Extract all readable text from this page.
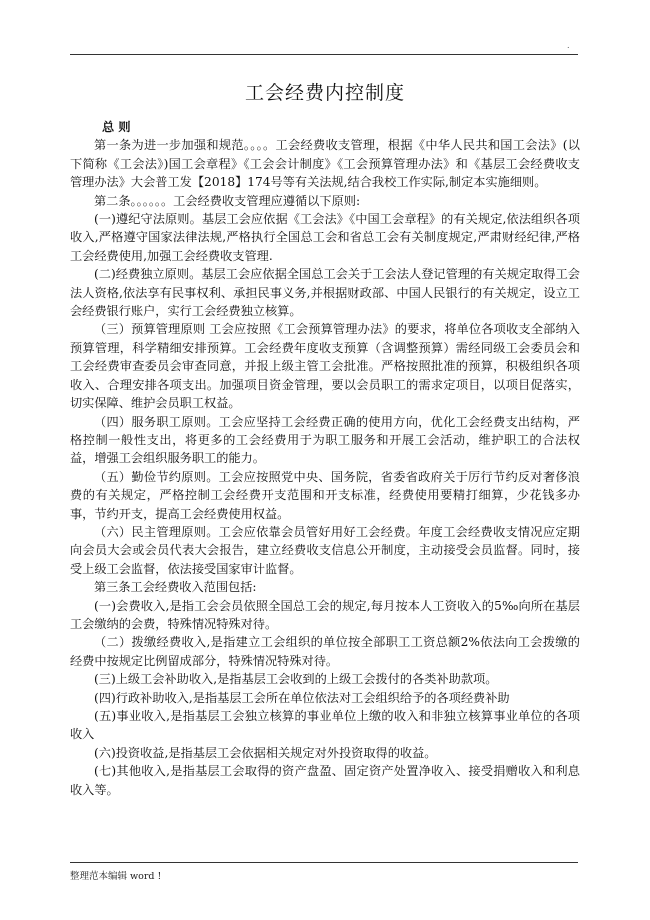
.
工会经费内控制度

总 则

第一条为进一步加强和规范。。。。工会经费收支管理，根据《中华人民共和国工会法》(以下简称《工会法》)国工会章程》《工会会计制度》《工会预算管理办法》和《基层工会经费收支管理办法》大会普工发【2018】174号等有关法规,结合我校工作实际,制定本实施细则。

第二条。。。。。。工会经费收支管理应遵循以下原则:

(一)遵纪守法原则。基层工会应依据《工会法》《中国工会章程》的有关规定,依法组织各项收入,严格遵守国家法律法规,严格执行全国总工会和省总工会有关制度规定,严肃财经纪律,严格工会经费使用,加强工会经费收支管理.

(二)经费独立原则。基层工会应依据全国总工会关于工会法人登记管理的有关规定取得工会法人资格,依法享有民事权利、承担民事义务,并根据财政部、中国人民银行的有关规定，设立工会经费银行账户，实行工会经费独立核算。

（三）预算管理原则 工会应按照《工会预算管理办法》的要求，将单位各项收支全部纳入预算管理，科学精细安排预算。工会经费年度收支预算（含调整预算）需经同级工会委员会和工会经费审查委员会审查同意，并报上级主管工会批准。严格按照批准的预算，积极组织各项收入、合理安排各项支出。加强项目资金管理，要以会员职工的需求定项目，以项目促落实，切实保障、维护会员职工权益。

（四）服务职工原则。工会应坚持工会经费正确的使用方向，优化工会经费支出结构，严格控制一般性支出，将更多的工会经费用于为职工服务和开展工会活动，维护职工的合法权益，增强工会组织服务职工的能力。

（五）勤俭节约原则。工会应按照党中央、国务院，省委省政府关于厉行节约反对奢侈浪费的有关规定，严格控制工会经费开支范围和开支标准，经费使用要精打细算，少花钱多办事，节约开支，提高工会经费使用权益。

（六）民主管理原则。工会应依靠会员管好用好工会经费。年度工会经费收支情况应定期向会员大会或会员代表大会报告，建立经费收支信息公开制度，主动接受会员监督。同时，接受上级工会监督，依法接受国家审计监督。

第三条工会经费收入范围包括:

(一)会费收入,是指工会会员依照全国总工会的规定,每月按本人工资收入的5‰向所在基层工会缴纳的会费，特殊情况特殊对待。

（二）拨缴经费收入,是指建立工会组织的单位按全部职工工资总额2%依法向工会拨缴的经费中按规定比例留成部分，特殊情况特殊对待。

(三)上级工会补助收入,是指基层工会收到的上级工会拨付的各类补助款项。

(四)行政补助收入,是指基层工会所在单位依法对工会组织给予的各项经费补助

(五)事业收入,是指基层工会独立核算的事业单位上缴的收入和非独立核算事业单位的各项收入

(六)投资收益,是指基层工会依据相关规定对外投资取得的收益。

(七)其他收入,是指基层工会取得的资产盘盈、固定资产处置净收入、接受捐赠收入和利息收入等。

整理范本编辑 word !
